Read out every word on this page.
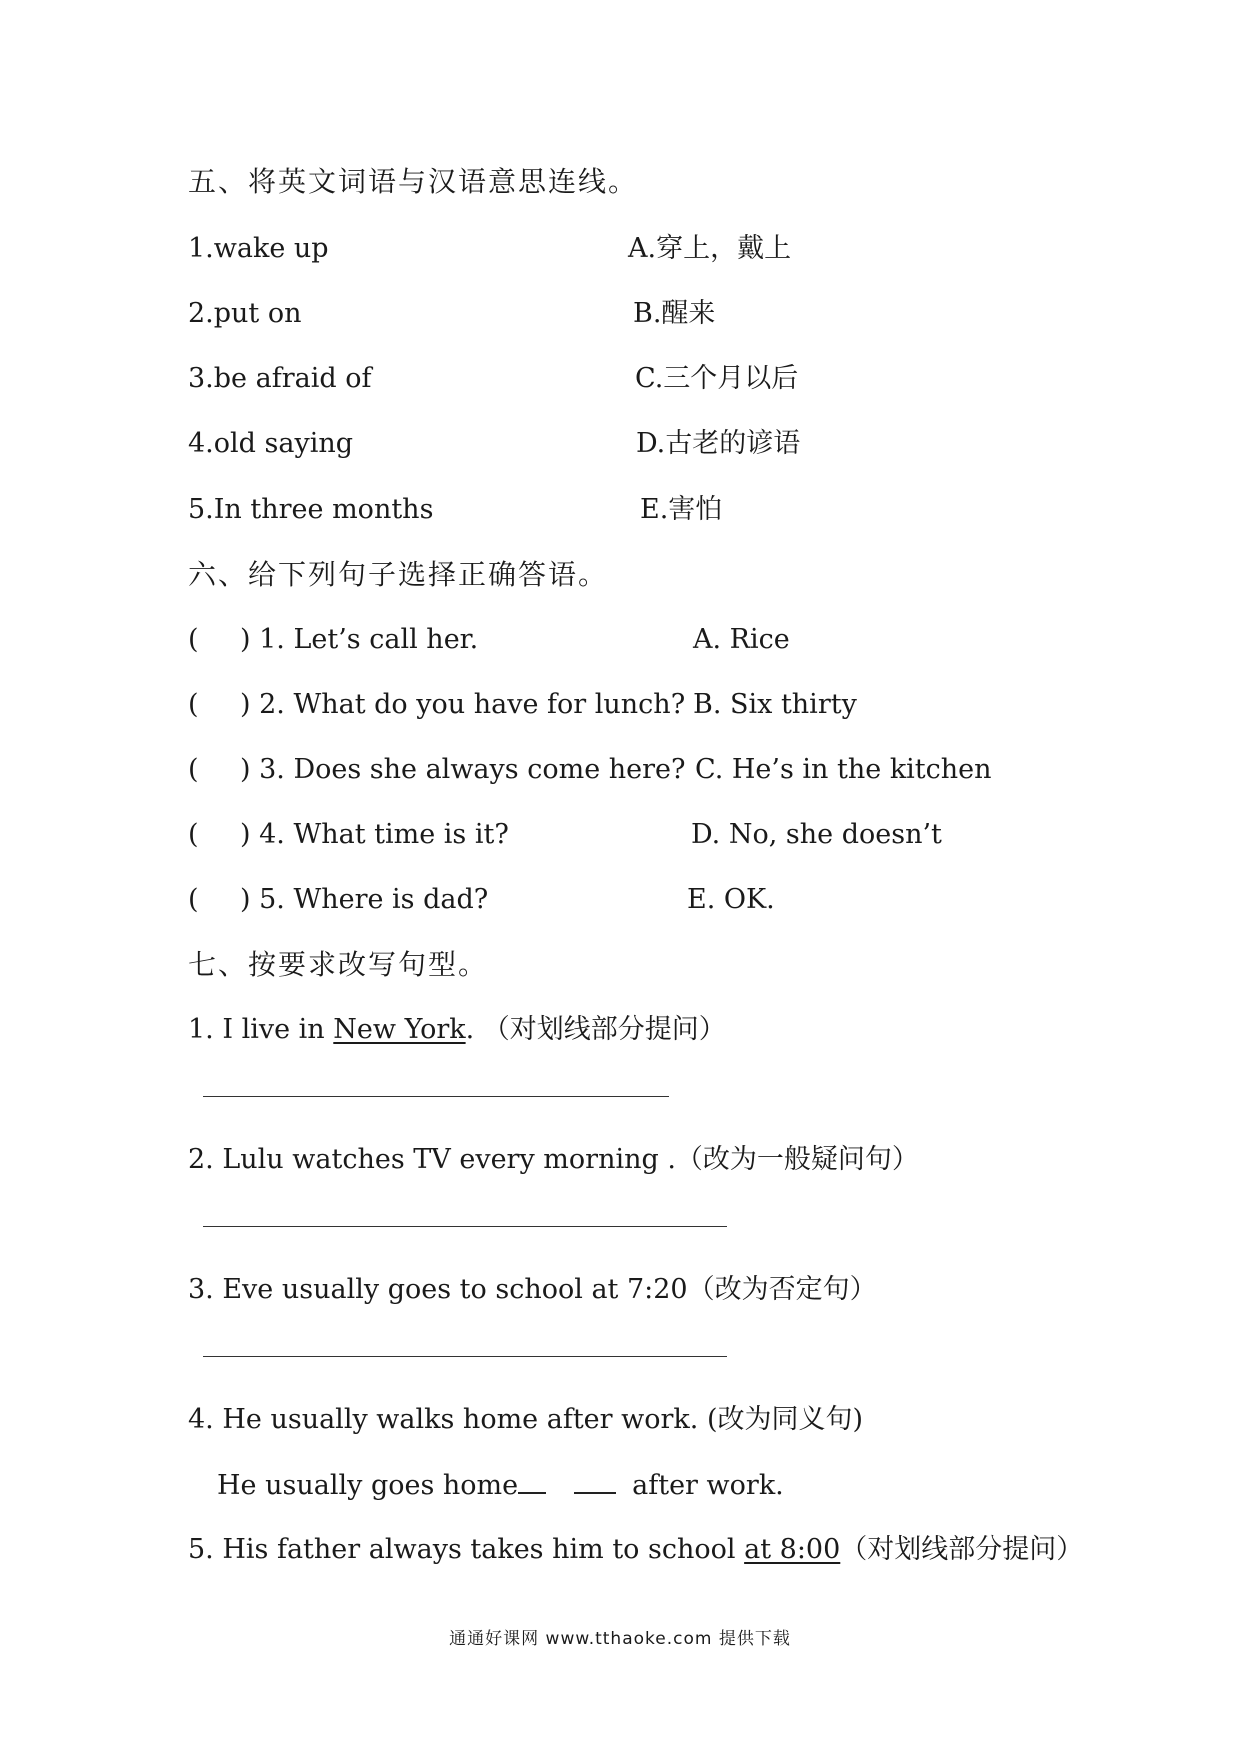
五、将英文词语与汉语意思连线。
1.wake up
2.put on
3.be afraid of
4.old saying
5.In three months
A.穿上，戴上
B.醒来
C.三个月以后
D.古老的谚语
E.害怕
六、给下列句子选择正确答语。
( ) 1. Let’s call her.
( ) 2. What do you have for lunch?
( ) 3. Does she always come here?
( ) 4. What time is it?
( ) 5. Where is dad?
A. Rice
B. Six thirty
C. He’s in the kitchen
D. No, she doesn’t
E. OK.
七、按要求改写句型。
1. I live in New York. （对划线部分提问）
2. Lulu watches TV every morning .（改为一般疑问句）
3. Eve usually goes to school at 7:20（改为否定句）
4. He usually walks home after work. (改为同义句)
He usually goes home	after work.
5. His father always takes him to school at 8:00（对划线部分提问）
通通好课网 www.tthaoke.com 提供下载
